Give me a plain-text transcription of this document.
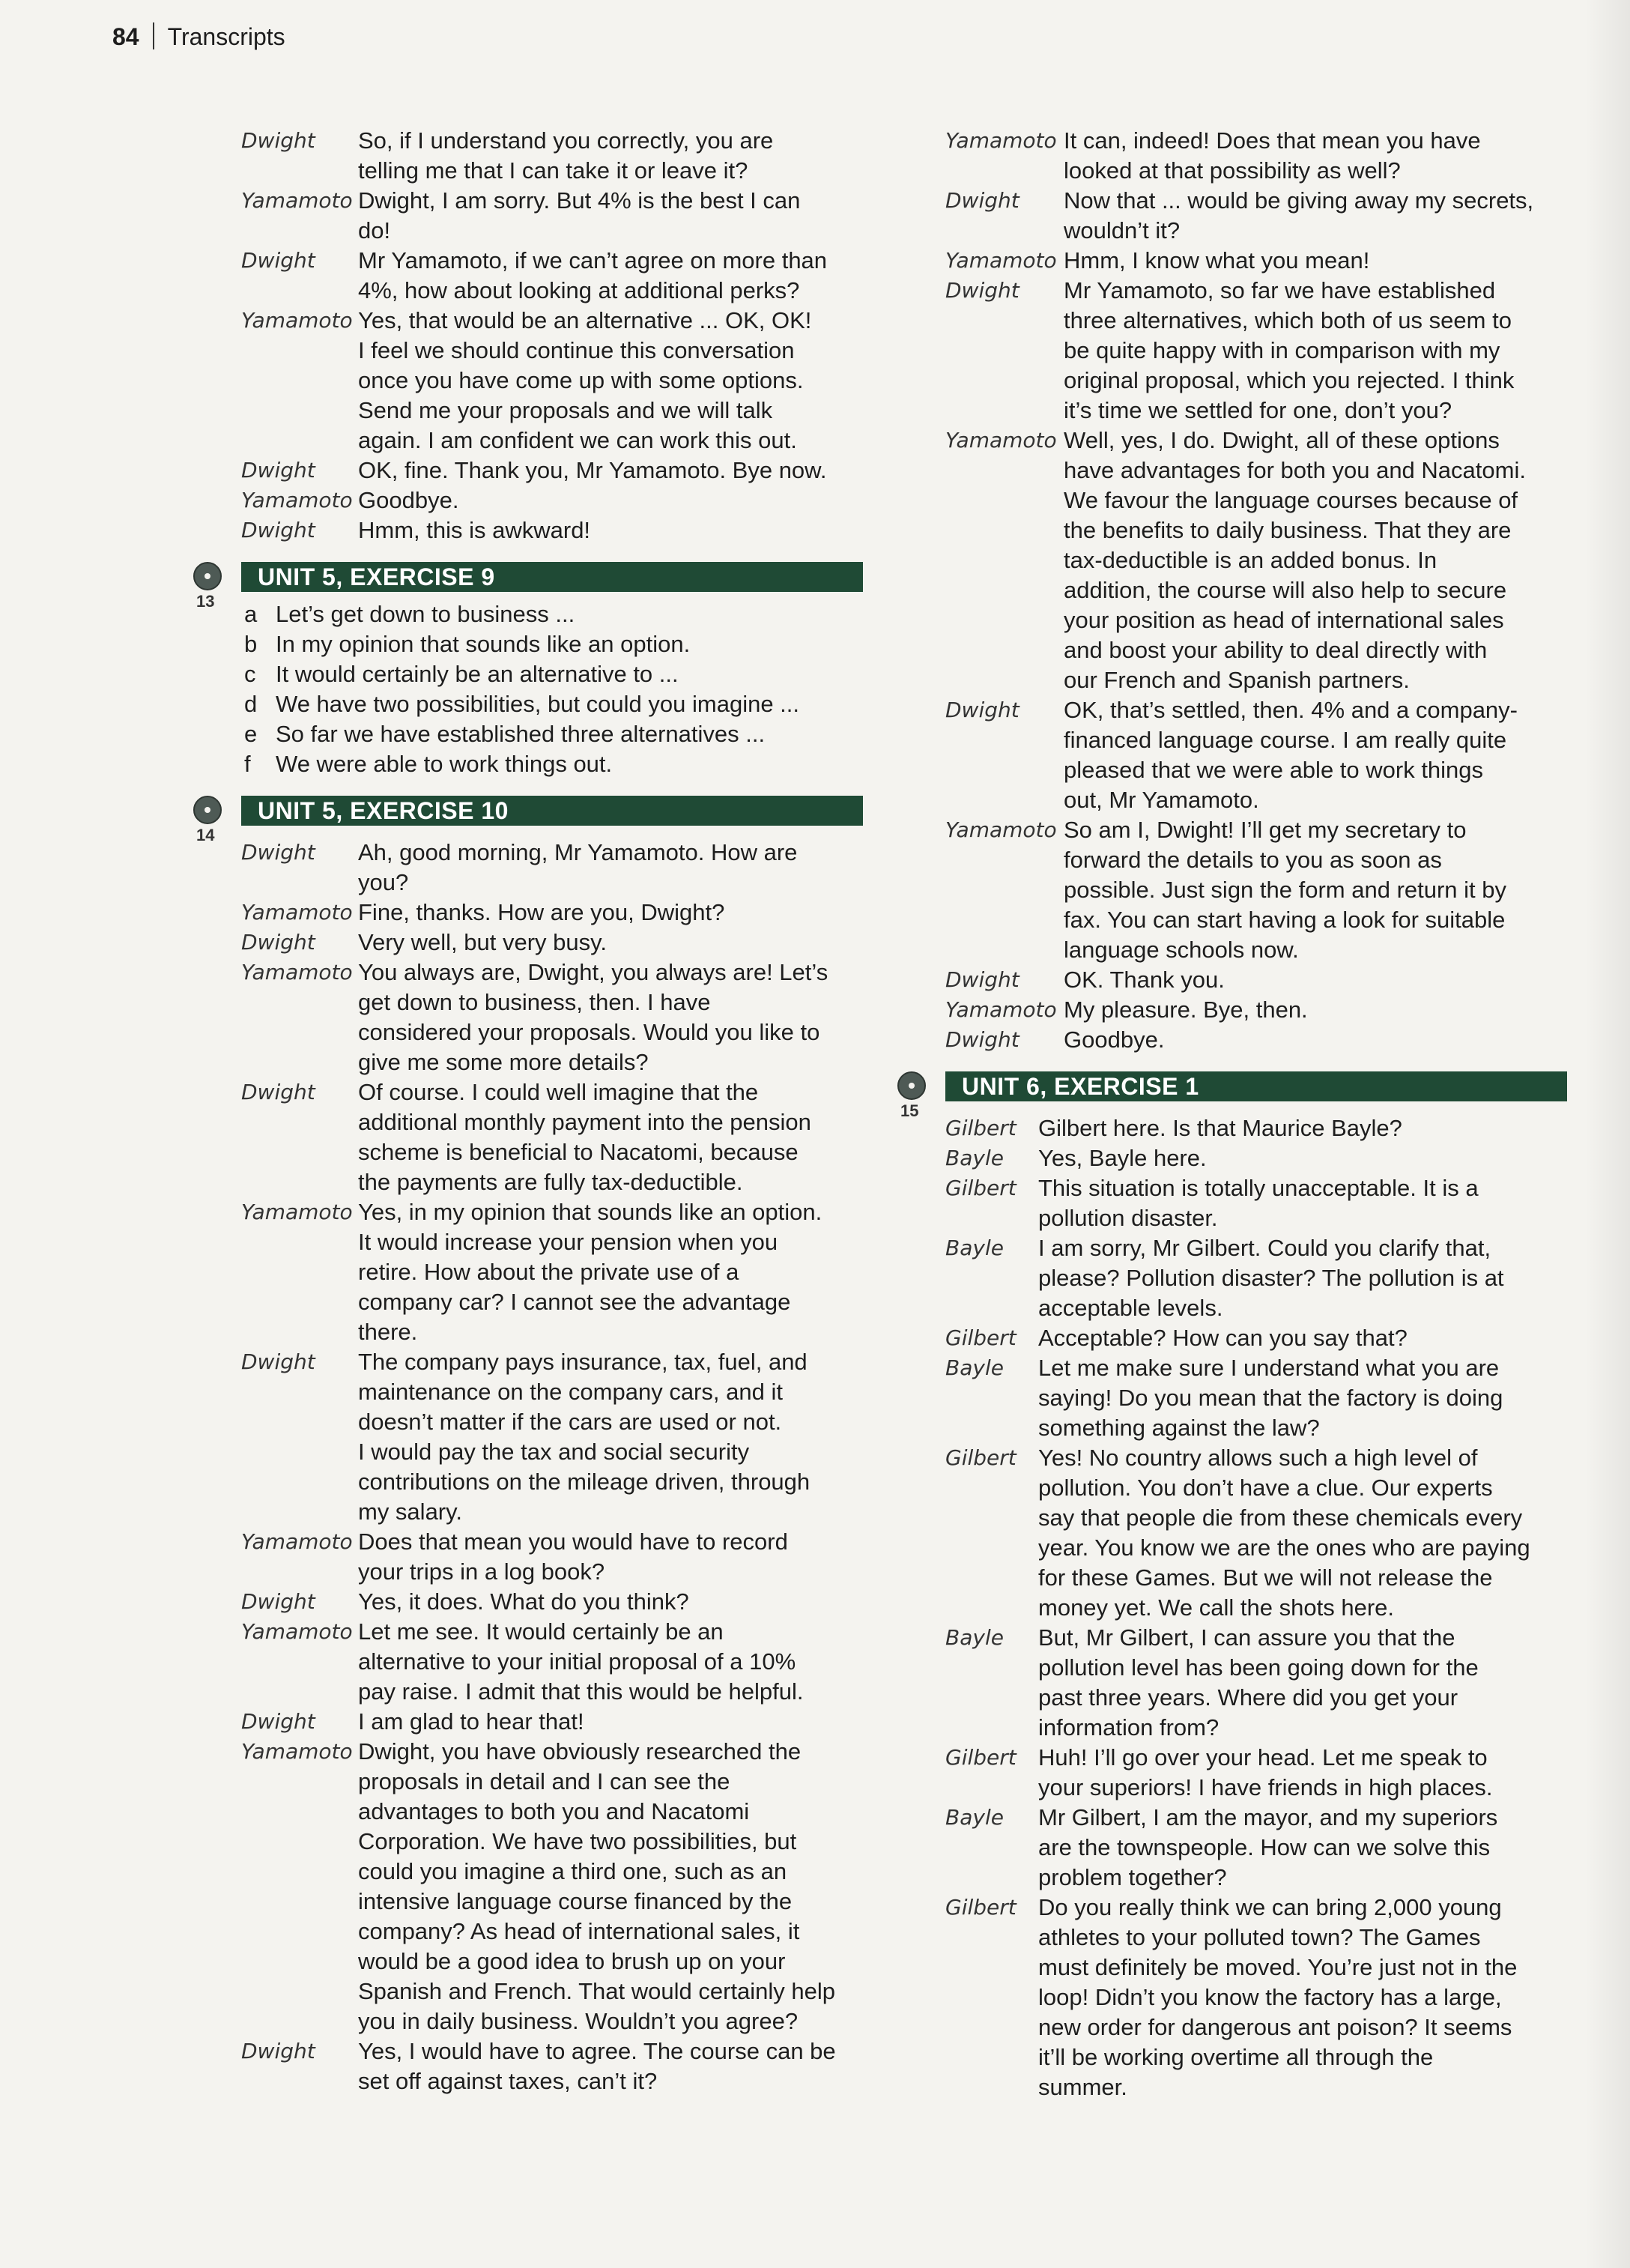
84 Transcripts
Dwight	So, if I understand you correctly, you are
telling me that I can take it or leave it?
Yamamoto Dwight, I am sorry. But 4% is the best I can
do!
Dwight	Mr Yamamoto, if we can’t agree on more than
4%, how about looking at additional perks?
Yamamoto Yes, that would be an alternative ... OK, OK!
I feel we should continue this conversation
once you have come up with some options.
Send me your proposals and we will talk
again. I am confident we can work this out.
Dwight	OK, fine. Thank you, Mr Yamamoto. Bye now.
Yamamoto Goodbye.
Dwight	Hmm, this is awkward!
13
UNIT 5, EXERCISE 9
a Let’s get down to business ...
b In my opinion that sounds like an option.
c It would certainly be an alternative to ...
d We have two possibilities, but could you imagine ...
e So far we have established three alternatives ...
f	We were able to work things out.
14
UNIT 5, EXERCISE 10
Dwight	Ah, good morning, Mr Yamamoto. How are
you?
Yamamoto Fine, thanks. How are you, Dwight?
Dwight	Very well, but very busy.
Yamamoto You always are, Dwight, you always are! Let’s
get down to business, then. I have
considered your proposals. Would you like to
give me some more details?
Dwight	Of course. I could well imagine that the
additional monthly payment into the pension
scheme is beneficial to Nacatomi, because
the payments are fully tax-deductible.
Yamamoto Yes, in my opinion that sounds like an option.
It would increase your pension when you
retire. How about the private use of a
company car? I cannot see the advantage
there.
Dwight	The company pays insurance, tax, fuel, and
maintenance on the company cars, and it
doesn’t matter if the cars are used or not.
I would pay the tax and social security
contributions on the mileage driven, through
my salary.
Yamamoto Does that mean you would have to record
your trips in a log book?
Dwight	Yes, it does. What do you think?
Yamamoto Let me see. It would certainly be an
alternative to your initial proposal of a 10%
pay raise. I admit that this would be helpful.
Dwight	I am glad to hear that!
Yamamoto Dwight, you have obviously researched the
proposals in detail and I can see the
advantages to both you and Nacatomi
Corporation. We have two possibilities, but
could you imagine a third one, such as an
intensive language course financed by the
company? As head of international sales, it
would be a good idea to brush up on your
Spanish and French. That would certainly help
you in daily business. Wouldn’t you agree?
Dwight	Yes, I would have to agree. The course can be
set off against taxes, can’t it?
Yamamoto It can, indeed! Does that mean you have
looked at that possibility as well?
Dwight	Now that ... would be giving away my secrets,
wouldn’t it?
Yamamoto Hmm, I know what you mean!
Dwight	Mr Yamamoto, so far we have established
three alternatives, which both of us seem to
be quite happy with in comparison with my
original proposal, which you rejected. I think
it’s time we settled for one, don’t you?
Yamamoto Well, yes, I do. Dwight, all of these options
have advantages for both you and Nacatomi.
We favour the language courses because of
the benefits to daily business. That they are
tax-deductible is an added bonus. In
addition, the course will also help to secure
your position as head of international sales
and boost your ability to deal directly with
our French and Spanish partners.
Dwight	OK, that’s settled, then. 4% and a company-
financed language course. I am really quite
pleased that we were able to work things
out, Mr Yamamoto.
Yamamoto So am I, Dwight! I’ll get my secretary to
forward the details to you as soon as
possible. Just sign the form and return it by
fax. You can start having a look for suitable
language schools now.
Dwight	OK. Thank you.
Yamamoto My pleasure. Bye, then.
Dwight	Goodbye.
15
UNIT 6, EXERCISE 1
Gilbert Gilbert here. Is that Maurice Bayle?
Bayle	Yes, Bayle here.
Gilbert This situation is totally unacceptable. It is a
pollution disaster.
Bayle	I am sorry, Mr Gilbert. Could you clarify that,
please? Pollution disaster? The pollution is at
acceptable levels.
Gilbert Acceptable? How can you say that?
Bayle	Let me make sure I understand what you are
saying! Do you mean that the factory is doing
something against the law?
Gilbert Yes! No country allows such a high level of
pollution. You don’t have a clue. Our experts
say that people die from these chemicals every
year. You know we are the ones who are paying
for these Games. But we will not release the
money yet. We call the shots here.
Bayle	But, Mr Gilbert, I can assure you that the
pollution level has been going down for the
past three years. Where did you get your
information from?
Gilbert Huh! I’ll go over your head. Let me speak to
your superiors! I have friends in high places.
Bayle	Mr Gilbert, I am the mayor, and my superiors
are the townspeople. How can we solve this
problem together?
Gilbert Do you really think we can bring 2,000 young
athletes to your polluted town? The Games
must definitely be moved. You’re just not in the
loop! Didn’t you know the factory has a large,
new order for dangerous ant poison? It seems
it’ll be working overtime all through the
summer.
